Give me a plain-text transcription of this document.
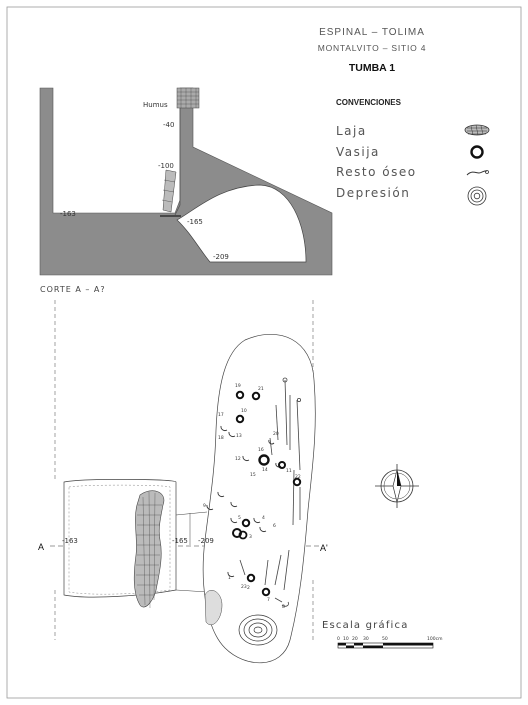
ESPINAL – TOLIMA
MONTALVITO – SITIO 4
TUMBA 1
CONVENCIONES
Laja
Vasija
Resto óseo
Depresión
Humus
-40
-100
-163
-165
-209
CORTE A – A?
19
21
17
10
20
18	13
16
12
11
14
15	22
9
5	4
3
1
2
23
7
8
6
A	A'
-163	-165 -209
Escala gráfica
0 10 20 30	50	100cm
